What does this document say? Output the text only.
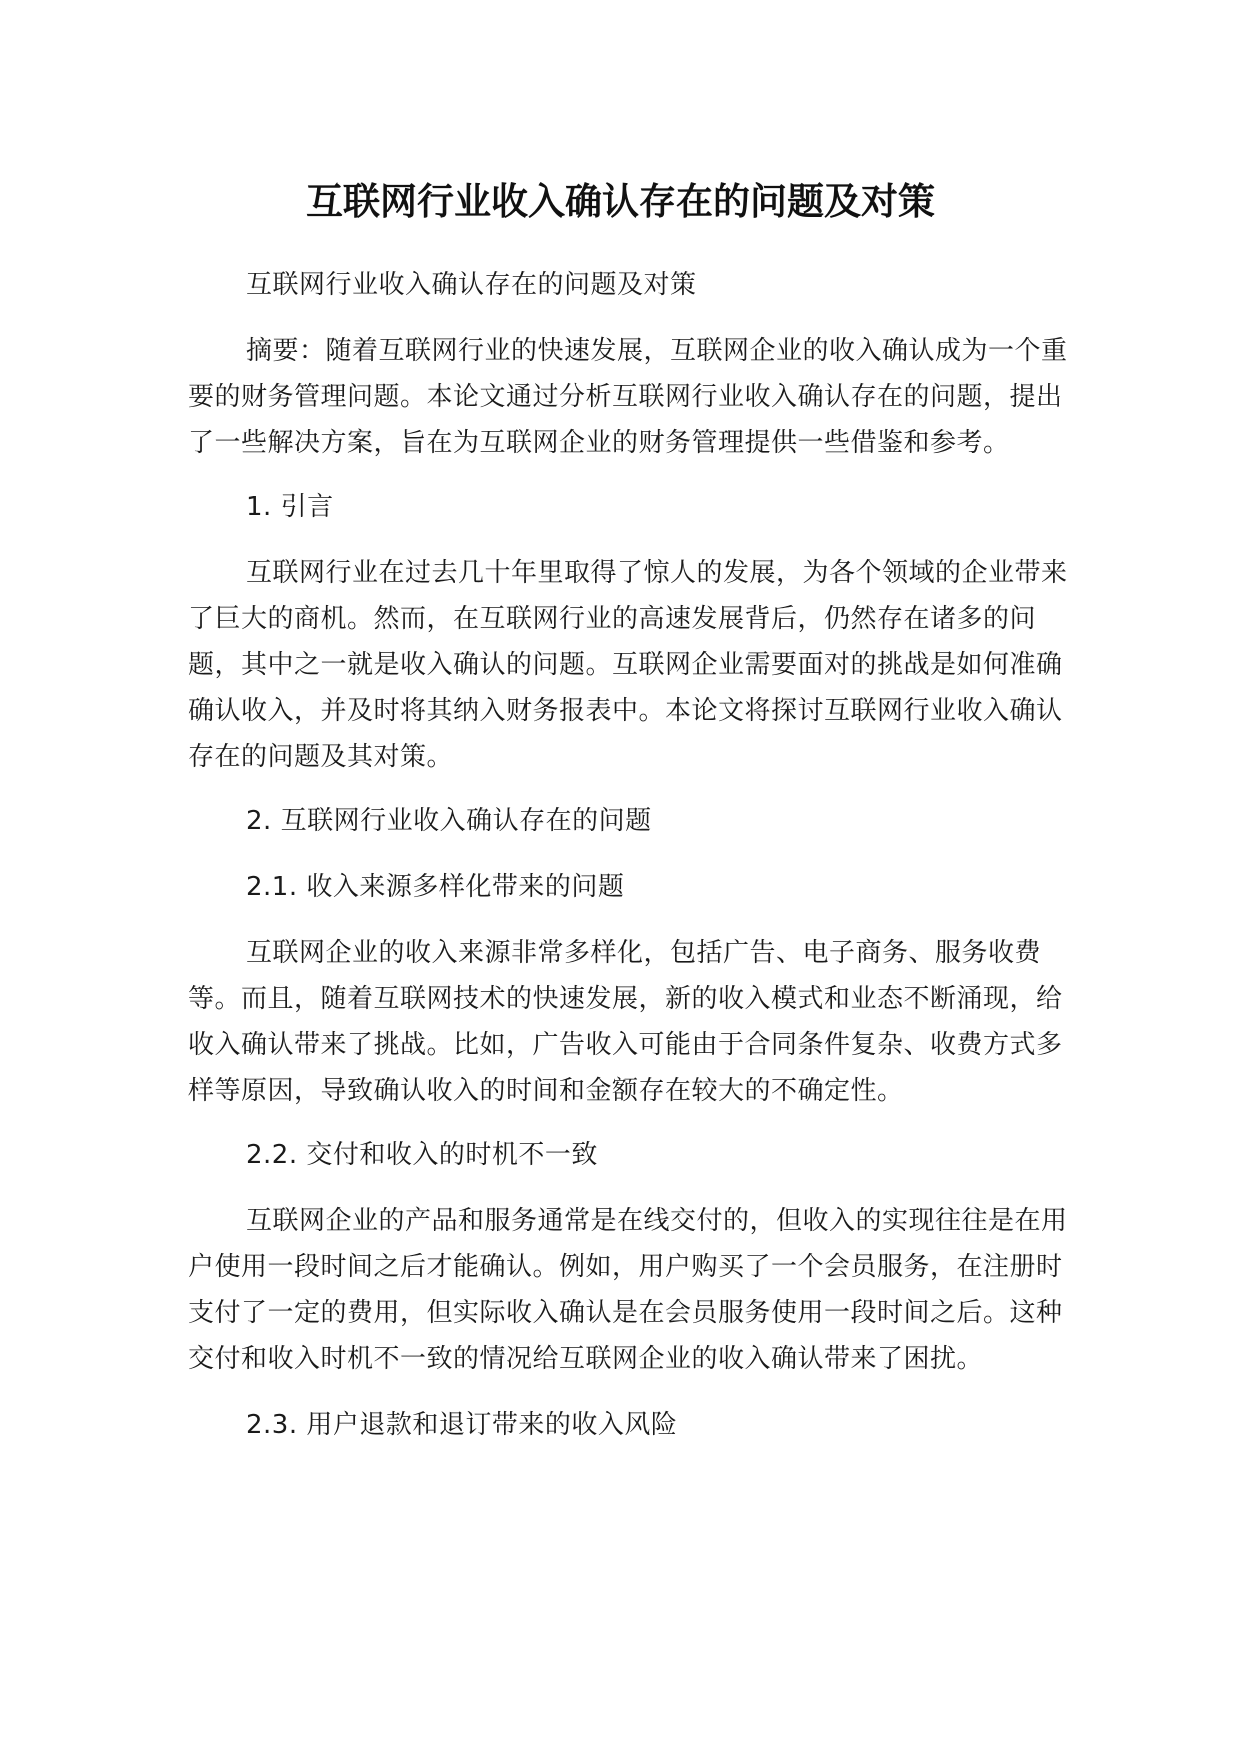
互联网行业收入确认存在的问题及对策

互联网行业收入确认存在的问题及对策

摘要：随着互联网行业的快速发展，互联网企业的收入确认成为一个重要的财务管理问题。本论文通过分析互联网行业收入确认存在的问题，提出了一些解决方案，旨在为互联网企业的财务管理提供一些借鉴和参考。

1. 引言

互联网行业在过去几十年里取得了惊人的发展，为各个领域的企业带来了巨大的商机。然而，在互联网行业的高速发展背后，仍然存在诸多的问题，其中之一就是收入确认的问题。互联网企业需要面对的挑战是如何准确确认收入，并及时将其纳入财务报表中。本论文将探讨互联网行业收入确认存在的问题及其对策。

2. 互联网行业收入确认存在的问题

2.1. 收入来源多样化带来的问题

互联网企业的收入来源非常多样化，包括广告、电子商务、服务收费等。而且，随着互联网技术的快速发展，新的收入模式和业态不断涌现，给收入确认带来了挑战。比如，广告收入可能由于合同条件复杂、收费方式多样等原因，导致确认收入的时间和金额存在较大的不确定性。

2.2. 交付和收入的时机不一致

互联网企业的产品和服务通常是在线交付的，但收入的实现往往是在用户使用一段时间之后才能确认。例如，用户购买了一个会员服务，在注册时支付了一定的费用，但实际收入确认是在会员服务使用一段时间之后。这种交付和收入时机不一致的情况给互联网企业的收入确认带来了困扰。

2.3. 用户退款和退订带来的收入风险
